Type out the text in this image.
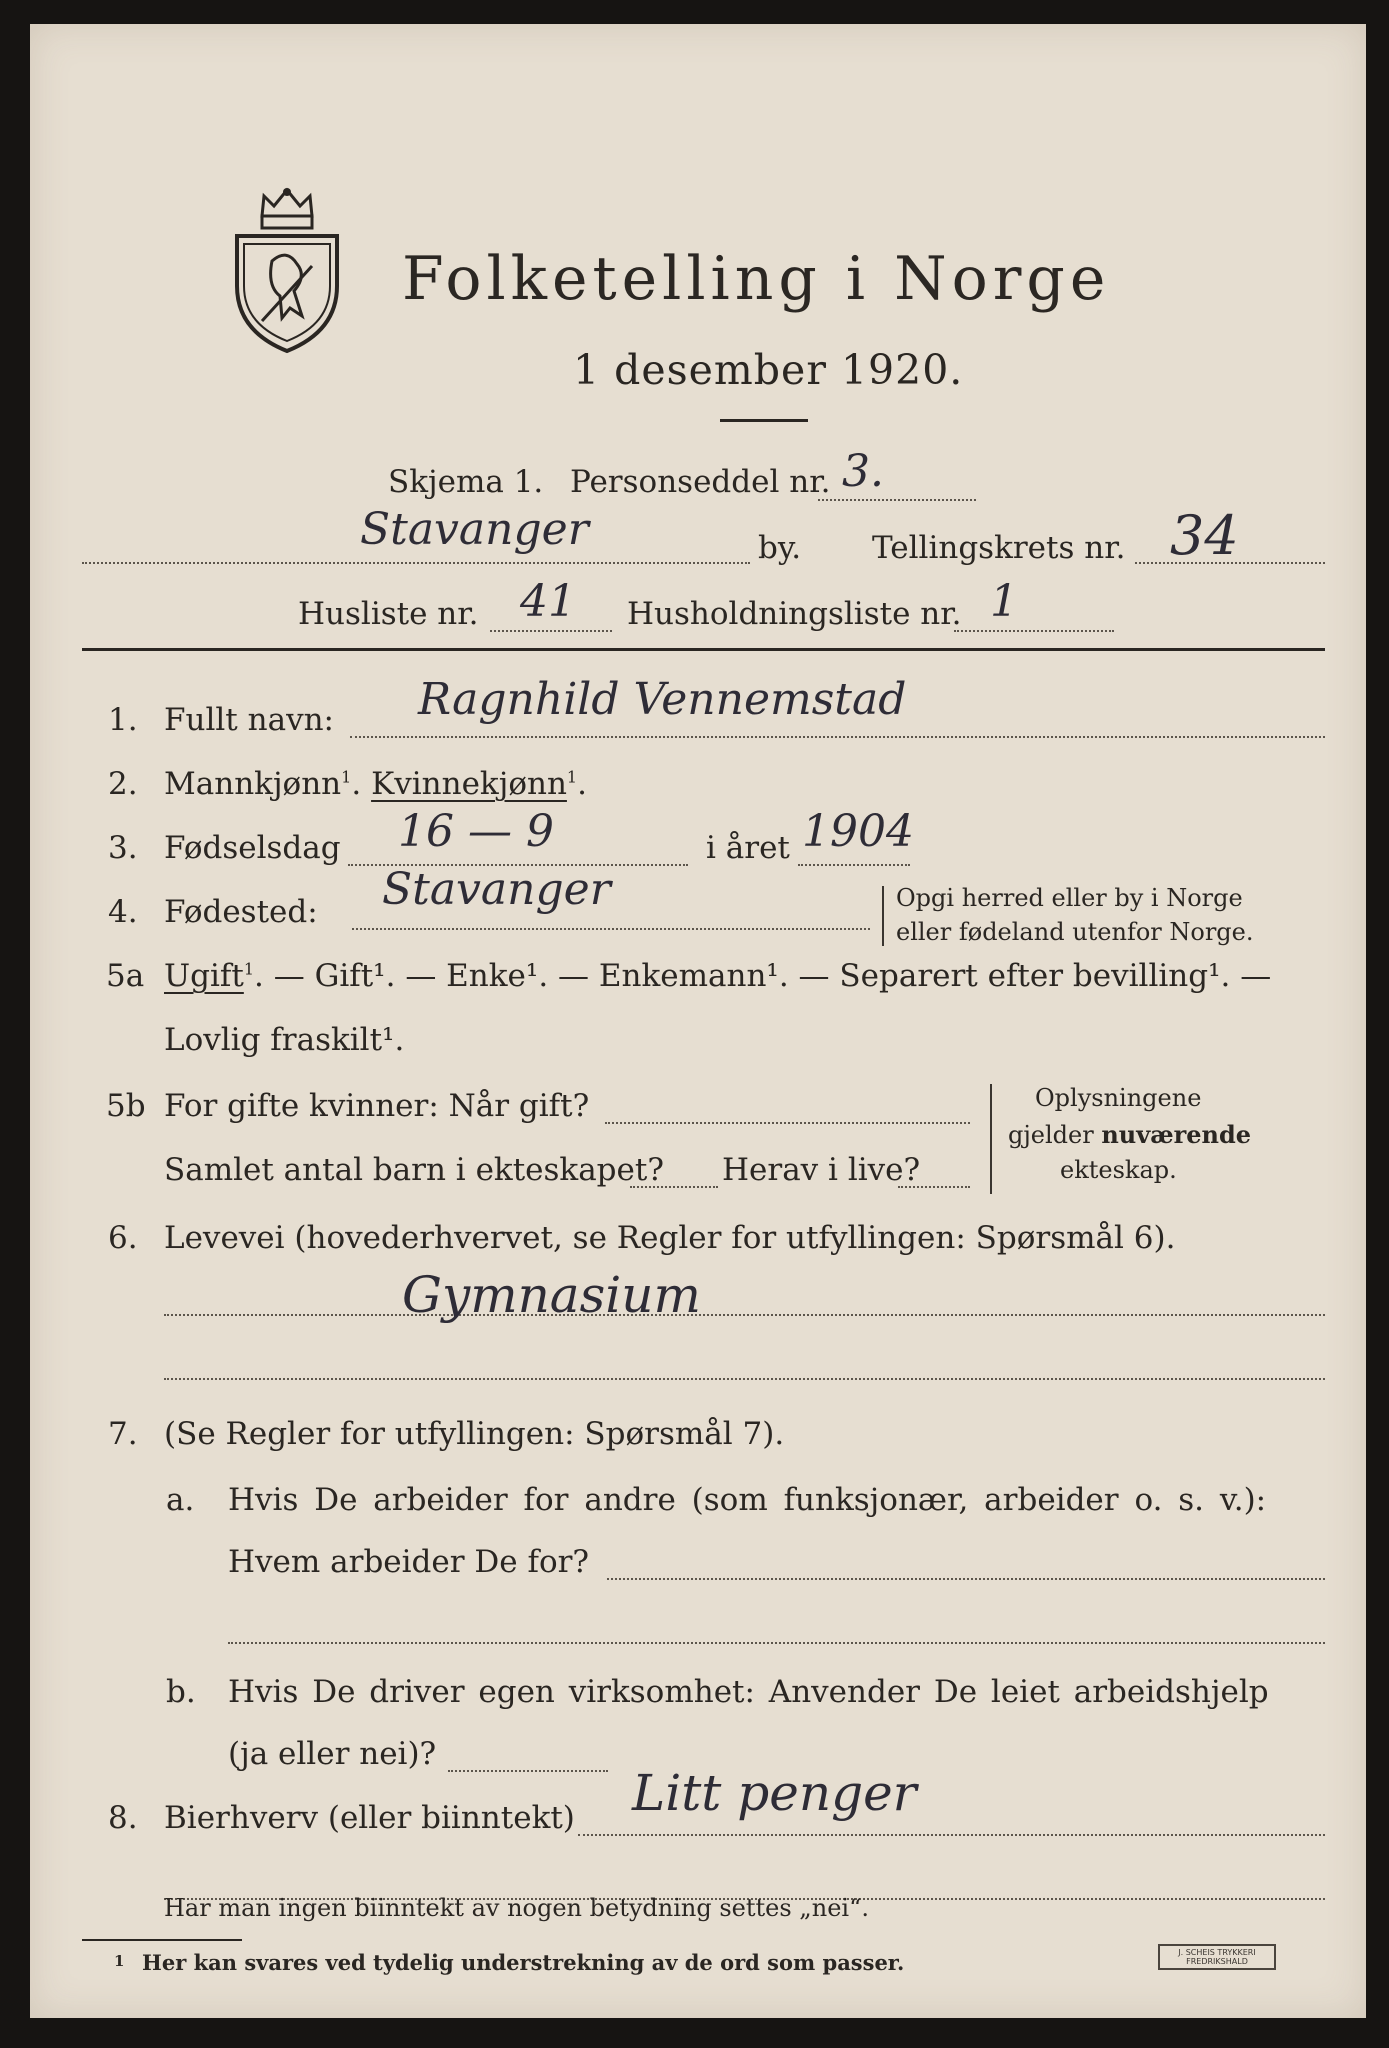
Folketelling i Norge
1 desember 1920.
Skjema 1. Personseddel nr. 3.
Stavanger	by. Tellingskrets nr. 34
Husliste nr. 41 Husholdningsliste nr. 1
1. Fullt navn: Ragnhild Vennemstad
2. Mannkjønn$^1$. Kvinnekjønn$^1$.
3. Fødselsdag 16 — 9	i året 1904
4. Fødested: Stavanger	Opgi herred eller by i Norge
eller fødeland utenfor Norge.
5a Ugift$^1$. — Gift¹. — Enke¹. — Enkemann¹. — Separert efter bevilling¹. —
Lovlig fraskilt¹.
5b For gifte kvinner: Når gift?
Samlet antal barn i ekteskapet? Herav i live?
Oplysningene
gjelder nuværende
ekteskap.
6. Levevei (hovederhvervet, se Regler for utfyllingen: Spørsmål 6).
Gymnasium
7. (Se Regler for utfyllingen: Spørsmål 7).
a. Hvis De arbeider for andre (som funksjonær, arbeider o. s. v.):
Hvem arbeider De for?
b. Hvis De driver egen virksomhet: Anvender De leiet arbeidshjelp
(ja eller nei)?
8. Bierhverv (eller biinntekt) Litt penger
Har man ingen biinntekt av nogen betydning settes „nei“.
1 Her kan svares ved tydelig understrekning av de ord som passer.	J. SCHEIS TRYKKERI
FREDRIKSHALD
